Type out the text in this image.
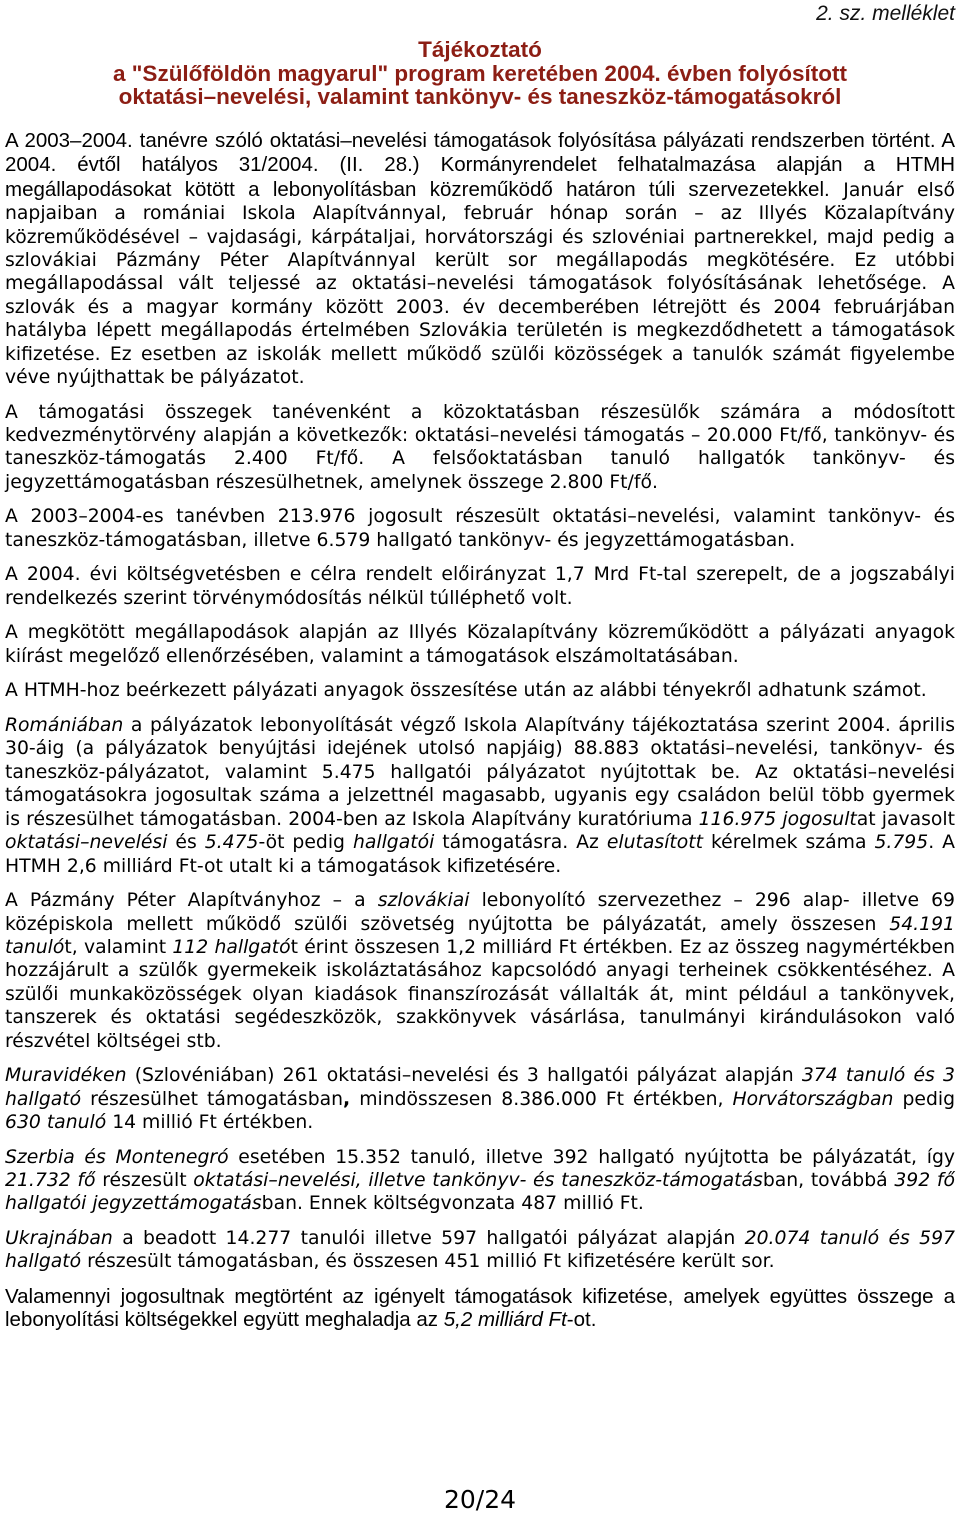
2. sz. melléklet
Tájékoztató
a "Szülőföldön magyarul" program keretében 2004. évben folyósított
oktatási–nevelési, valamint tankönyv- és taneszköz-támogatásokról

A 2003–2004. tanévre szóló oktatási–nevelési támogatások folyósítása pályázati rendszerben történt. A 2004. évtől hatályos 31/2004. (II. 28.) Kormányrendelet felhatalmazása alapján a HTMH megállapodásokat kötött a lebonyolításban közreműködő határon túli szervezetekkel. Január első napjaiban a romániai Iskola Alapítvánnyal, február hónap során – az Illyés Közalapítvány közreműködésével – vajdasági, kárpátaljai, horvátországi és szlovéniai partnerekkel, majd pedig a szlovákiai Pázmány Péter Alapítvánnyal került sor megállapodás megkötésére. Ez utóbbi megállapodással vált teljessé az oktatási–nevelési támogatások folyósításának lehetősége. A szlovák és a magyar kormány között 2003. év decemberében létrejött és 2004 februárjában hatályba lépett megállapodás értelmében Szlovákia területén is megkezdődhetett a támogatások kifizetése. Ez esetben az iskolák mellett működő szülői közösségek a tanulók számát figyelembe véve nyújthattak be pályázatot.

A támogatási összegek tanévenként a közoktatásban részesülők számára a módosított kedvezménytörvény alapján a következők: oktatási–nevelési támogatás – 20.000 Ft/fő, tankönyv- és taneszköz-támogatás 2.400 Ft/fő. A felsőoktatásban tanuló hallgatók tankönyv- és jegyzettámogatásban részesülhetnek, amelynek összege 2.800 Ft/fő.

A 2003–2004-es tanévben 213.976 jogosult részesült oktatási–nevelési, valamint tankönyv- és taneszköz-támogatásban, illetve 6.579 hallgató tankönyv- és jegyzettámogatásban.

A 2004. évi költségvetésben e célra rendelt előirányzat 1,7 Mrd Ft-tal szerepelt, de a jogszabályi rendelkezés szerint törvénymódosítás nélkül túlléphető volt.

A megkötött megállapodások alapján az Illyés Közalapítvány közreműködött a pályázati anyagok kiírást megelőző ellenőrzésében, valamint a támogatások elszámoltatásában.

A HTMH-hoz beérkezett pályázati anyagok összesítése után az alábbi tényekről adhatunk számot.

Romániában a pályázatok lebonyolítását végző Iskola Alapítvány tájékoztatása szerint 2004. április 30-áig (a pályázatok benyújtási idejének utolsó napjáig) 88.883 oktatási–nevelési, tankönyv- és taneszköz-pályázatot, valamint 5.475 hallgatói pályázatot nyújtottak be. Az oktatási–nevelési támogatásokra jogosultak száma a jelzettnél magasabb, ugyanis egy családon belül több gyermek is részesülhet támogatásban. 2004-ben az Iskola Alapítvány kuratóriuma 116.975 jogosultat javasolt oktatási–nevelési és 5.475-öt pedig hallgatói támogatásra. Az elutasított kérelmek száma 5.795. A HTMH 2,6 milliárd Ft-ot utalt ki a támogatások kifizetésére.

A Pázmány Péter Alapítványhoz – a szlovákiai lebonyolító szervezethez – 296 alap- illetve 69 középiskola mellett működő szülői szövetség nyújtotta be pályázatát, amely összesen 54.191 tanulót, valamint 112 hallgatót érint összesen 1,2 milliárd Ft értékben. Ez az összeg nagymértékben hozzájárult a szülők gyermekeik iskoláztatásához kapcsolódó anyagi terheinek csökkentéséhez. A szülői munkaközösségek olyan kiadások finanszírozását vállalták át, mint például a tankönyvek, tanszerek és oktatási segédeszközök, szakkönyvek vásárlása, tanulmányi kirándulásokon való részvétel költségei stb.

Muravidéken (Szlovéniában) 261 oktatási–nevelési és 3 hallgatói pályázat alapján 374 tanuló és 3 hallgató részesülhet támogatásban, mindösszesen 8.386.000 Ft értékben, Horvátországban pedig 630 tanuló 14 millió Ft értékben.

Szerbia és Montenegró esetében 15.352 tanuló, illetve 392 hallgató nyújtotta be pályázatát, így 21.732 fő részesült oktatási–nevelési, illetve tankönyv- és taneszköz-támogatásban, továbbá 392 fő hallgatói jegyzettámogatásban. Ennek költségvonzata 487 millió Ft.

Ukrajnában a beadott 14.277 tanulói illetve 597 hallgatói pályázat alapján 20.074 tanuló és 597 hallgató részesült támogatásban, és összesen 451 millió Ft kifizetésére került sor.

Valamennyi jogosultnak megtörtént az igényelt támogatások kifizetése, amelyek együttes összege a lebonyolítási költségekkel együtt meghaladja az 5,2 milliárd Ft-ot.

20/24
